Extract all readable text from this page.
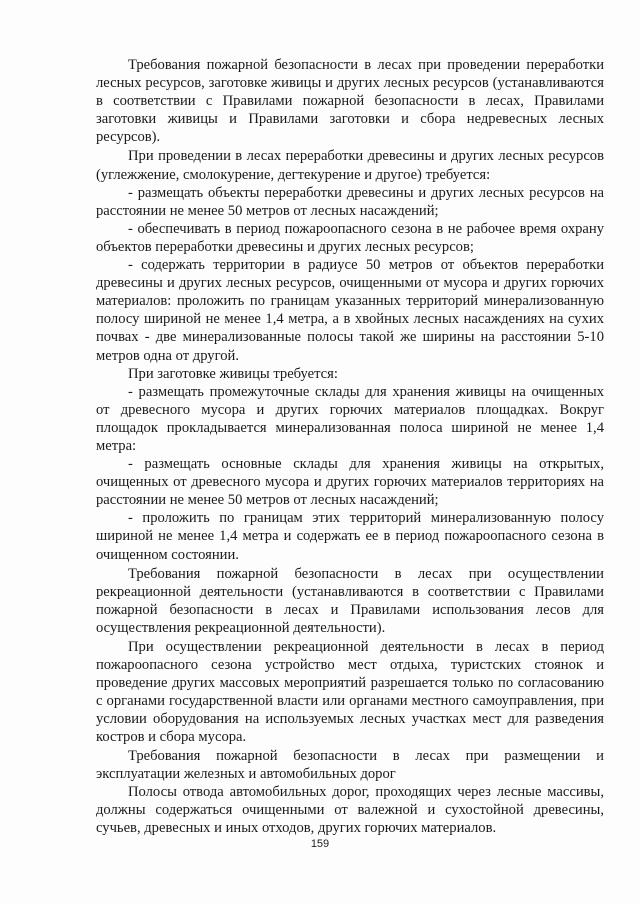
Требования пожарной безопасности в лесах при проведении переработки лесных ресурсов, заготовке живицы и других лесных ресурсов (устанавливаются в соответствии с Правилами пожарной безопасности в лесах, Правилами заготовки живицы и Правилами заготовки и сбора недревесных лесных ресурсов).

При проведении в лесах переработки древесины и других лесных ресурсов (углежжение, смолокурение, дегтекурение и другое) требуется:

- размещать объекты переработки древесины и других лесных ресурсов на расстоянии не менее 50 метров от лесных насаждений;

- обеспечивать в период пожароопасного сезона в не рабочее время охрану объектов переработки древесины и других лесных ресурсов;

- содержать территории в радиусе 50 метров от объектов переработки древесины и других лесных ресурсов, очищенными от мусора и других горючих материалов: проложить по границам указанных территорий минерализованную полосу шириной не менее 1,4 метра, а в хвойных лесных насаждениях на сухих почвах - две минерализованные полосы такой же ширины на расстоянии 5-10 метров одна от другой.

При заготовке живицы требуется:

- размещать промежуточные склады для хранения живицы на очищенных от древесного мусора и других горючих материалов площадках. Вокруг площадок прокладывается минерализованная полоса шириной не менее 1,4 метра:

- размещать основные склады для хранения живицы на открытых, очищенных от древесного мусора и других горючих материалов территориях на расстоянии не менее 50 метров от лесных насаждений;

- проложить по границам этих территорий минерализованную полосу шириной не менее 1,4 метра и содержать ее в период пожароопасного сезона в очищенном состоянии.

Требования пожарной безопасности в лесах при осуществлении рекреационной деятельности (устанавливаются в соответствии с Правилами пожарной безопасности в лесах и Правилами использования лесов для осуществления рекреационной деятельности).

При осуществлении рекреационной деятельности в лесах в период пожароопасного сезона устройство мест отдыха, туристских стоянок и проведение других массовых мероприятий разрешается только по согласованию с органами государственной власти или органами местного самоуправления, при условии оборудования на используемых лесных участках мест для разведения костров и сбора мусора.

Требования пожарной безопасности в лесах при размещении и эксплуатации железных и автомобильных дорог

Полосы отвода автомобильных дорог, проходящих через лесные массивы, должны содержаться очищенными от валежной и сухостойной древесины, сучьев, древесных и иных отходов, других горючих материалов.

159
